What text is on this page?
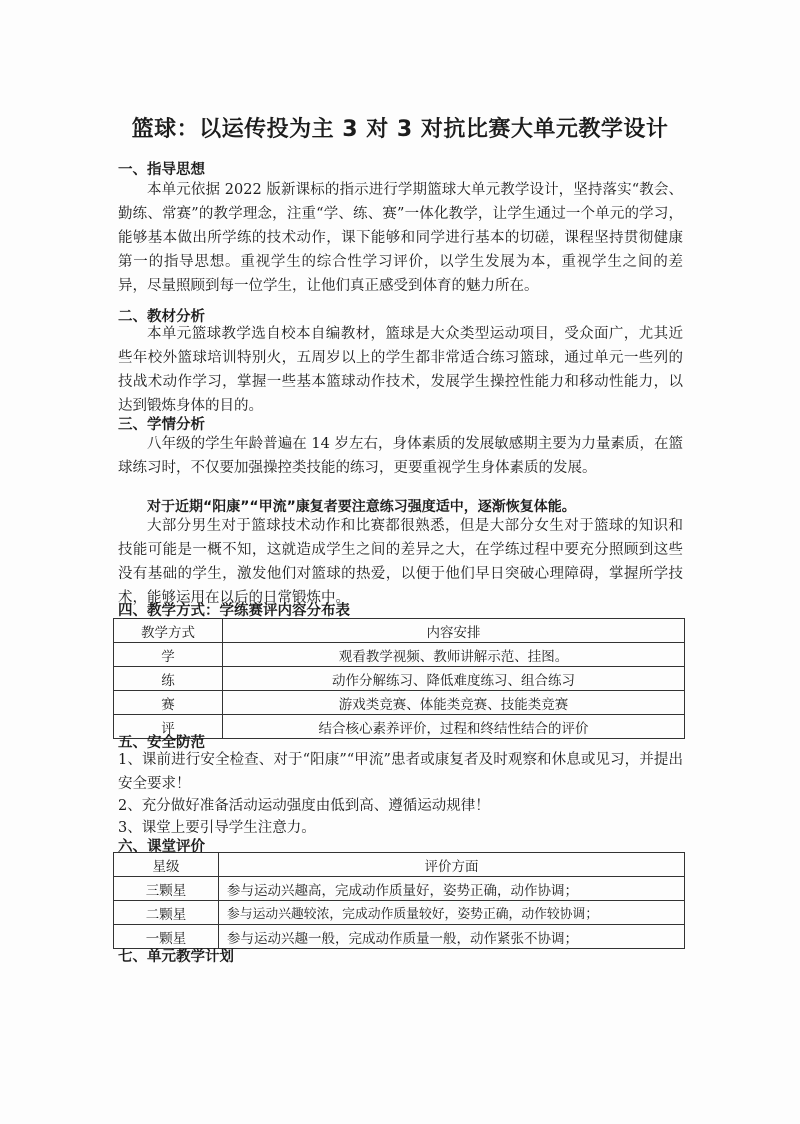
篮球：以运传投为主 3 对 3 对抗比赛大单元教学设计
一、指导思想

本单元依据 2022 版新课标的指示进行学期篮球大单元教学设计，坚持落实“教会、勤练、常赛”的教学理念，注重“学、练、赛”一体化教学，让学生通过一个单元的学习，能够基本做出所学练的技术动作，课下能够和同学进行基本的切磋，课程坚持贯彻健康第一的指导思想。重视学生的综合性学习评价，以学生发展为本，重视学生之间的差异，尽量照顾到每一位学生，让他们真正感受到体育的魅力所在。

二、教材分析

本单元篮球教学选自校本自编教材，篮球是大众类型运动项目，受众面广，尤其近些年校外篮球培训特别火，五周岁以上的学生都非常适合练习篮球，通过单元一些列的技战术动作学习，掌握一些基本篮球动作技术，发展学生操控性能力和移动性能力，以达到锻炼身体的目的。

三、学情分析

八年级的学生年龄普遍在 14 岁左右，身体素质的发展敏感期主要为力量素质，在篮球练习时，不仅要加强操控类技能的练习，更要重视学生身体素质的发展。

对于近期“阳康”“甲流”康复者要注意练习强度适中，逐渐恢复体能。

大部分男生对于篮球技术动作和比赛都很熟悉，但是大部分女生对于篮球的知识和技能可能是一概不知，这就造成学生之间的差异之大，在学练过程中要充分照顾到这些没有基础的学生，激发他们对篮球的热爱，以便于他们早日突破心理障碍，掌握所学技术，能够运用在以后的日常锻炼中。

四、教学方式：学练赛评内容分布表
教学方式	内容安排
学	观看教学视频、教师讲解示范、挂图。
练	动作分解练习、降低难度练习、组合练习
赛	游戏类竞赛、体能类竞赛、技能类竞赛
评	结合核心素养评价，过程和终结性结合的评价
五、安全防范

1、课前进行安全检查、对于“阳康”“甲流”患者或康复者及时观察和休息或见习，并提出安全要求！

2、充分做好准备活动运动强度由低到高、遵循运动规律！
3、课堂上要引导学生注意力。
六、课堂评价
星级	评价方面
三颗星	参与运动兴趣高，完成动作质量好，姿势正确，动作协调；
二颗星	参与运动兴趣较浓，完成动作质量较好，姿势正确，动作较协调；
一颗星	参与运动兴趣一般，完成动作质量一般，动作紧张不协调；
七、单元教学计划
